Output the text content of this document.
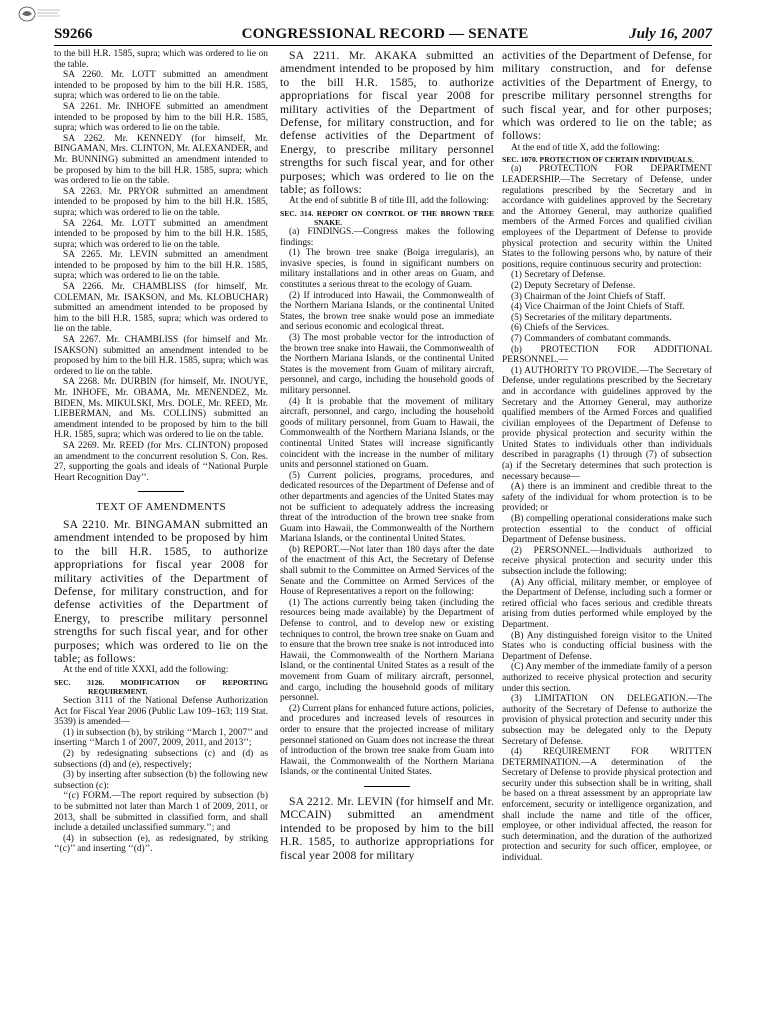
S9266	CONGRESSIONAL RECORD — SENATE	July 16, 2007

to the bill H.R. 1585, supra; which was ordered to lie on the table.

SA 2260. Mr. LOTT submitted an amendment intended to be proposed by him to the bill H.R. 1585, supra; which was ordered to lie on the table.

SA 2261. Mr. INHOFE submitted an amendment intended to be proposed by him to the bill H.R. 1585, supra; which was ordered to lie on the table.

SA 2262. Mr. KENNEDY (for himself, Mr. BINGAMAN, Mrs. CLINTON, Mr. ALEXANDER, and Mr. BUNNING) submitted an amendment intended to be proposed by him to the bill H.R. 1585, supra; which was ordered to lie on the table.

SA 2263. Mr. PRYOR submitted an amendment intended to be proposed by him to the bill H.R. 1585, supra; which was ordered to lie on the table.

SA 2264. Mr. LOTT submitted an amendment intended to be proposed by him to the bill H.R. 1585, supra; which was ordered to lie on the table.

SA 2265. Mr. LEVIN submitted an amendment intended to be proposed by him to the bill H.R. 1585, supra; which was ordered to lie on the table.

SA 2266. Mr. CHAMBLISS (for himself, Mr. COLEMAN, Mr. ISAKSON, and Ms. KLOBUCHAR) submitted an amendment intended to be proposed by him to the bill H.R. 1585, supra; which was ordered to lie on the table.

SA 2267. Mr. CHAMBLISS (for himself and Mr. ISAKSON) submitted an amendment intended to be proposed by him to the bill H.R. 1585, supra; which was ordered to lie on the table.

SA 2268. Mr. DURBIN (for himself, Mr. INOUYE, Mr. INHOFE, Mr. OBAMA, Mr. MENENDEZ, Mr. BIDEN, Ms. MIKULSKI, Mrs. DOLE, Mr. REED, Mr. LIEBERMAN, and Ms. COLLINS) submitted an amendment intended to be proposed by him to the bill H.R. 1585, supra; which was ordered to lie on the table.

SA 2269. Mr. REED (for Mrs. CLINTON) proposed an amendment to the concurrent resolution S. Con. Res. 27, supporting the goals and ideals of ‘‘National Purple Heart Recognition Day’’.

TEXT OF AMENDMENTS

SA 2210. Mr. BINGAMAN submitted an amendment intended to be proposed by him to the bill H.R. 1585, to authorize appropriations for fiscal year 2008 for military activities of the Department of Defense, for military construction, and for defense activities of the Department of Energy, to prescribe military personnel strengths for such fiscal year, and for other purposes; which was ordered to lie on the table; as follows:

At the end of title XXXI, add the following:

SEC. 3126. MODIFICATION OF REPORTING REQUIREMENT.

Section 3111 of the National Defense Authorization Act for Fiscal Year 2006 (Public Law 109–163; 119 Stat. 3539) is amended—

(1) in subsection (b), by striking ‘‘March 1, 2007’’ and inserting ‘‘March 1 of 2007, 2009, 2011, and 2013’’;

(2) by redesignating subsections (c) and (d) as subsections (d) and (e), respectively;

(3) by inserting after subsection (b) the following new subsection (c):

‘‘(c) FORM.—The report required by subsection (b) to be submitted not later than March 1 of 2009, 2011, or 2013, shall be submitted in classified form, and shall include a detailed unclassified summary.’’; and

(4) in subsection (e), as redesignated, by striking ‘‘(c)’’ and inserting ‘‘(d)’’.

SA 2211. Mr. AKAKA submitted an amendment intended to be proposed by him to the bill H.R. 1585, to authorize appropriations for fiscal year 2008 for military activities of the Department of Defense, for military construction, and for defense activities of the Department of Energy, to prescribe military personnel strengths for such fiscal year, and for other purposes; which was ordered to lie on the table; as follows:

At the end of subtitle B of title III, add the following:

SEC. 314. REPORT ON CONTROL OF THE BROWN TREE SNAKE.

(a) FINDINGS.—Congress makes the following findings:

(1) The brown tree snake (Boiga irregularis), an invasive species, is found in significant numbers on military installations and in other areas on Guam, and constitutes a serious threat to the ecology of Guam.

(2) If introduced into Hawaii, the Commonwealth of the Northern Mariana Islands, or the continental United States, the brown tree snake would pose an immediate and serious economic and ecological threat.

(3) The most probable vector for the introduction of the brown tree snake into Hawaii, the Commonwealth of the Northern Mariana Islands, or the continental United States is the movement from Guam of military aircraft, personnel, and cargo, including the household goods of military personnel.

(4) It is probable that the movement of military aircraft, personnel, and cargo, including the household goods of military personnel, from Guam to Hawaii, the Commonwealth of the Northern Mariana Islands, or the continental United States will increase significantly coincident with the increase in the number of military units and personnel stationed on Guam.

(5) Current policies, programs, procedures, and dedicated resources of the Department of Defense and of other departments and agencies of the United States may not be sufficient to adequately address the increasing threat of the introduction of the brown tree snake from Guam into Hawaii, the Commonwealth of the Northern Mariana Islands, or the continental United States.

(b) REPORT.—Not later than 180 days after the date of the enactment of this Act, the Secretary of Defense shall submit to the Committee on Armed Services of the Senate and the Committee on Armed Services of the House of Representatives a report on the following:

(1) The actions currently being taken (including the resources being made available) by the Department of Defense to control, and to develop new or existing techniques to control, the brown tree snake on Guam and to ensure that the brown tree snake is not introduced into Hawaii, the Commonwealth of the Northern Mariana Island, or the continental United States as a result of the movement from Guam of military aircraft, personnel, and cargo, including the household goods of military personnel.

(2) Current plans for enhanced future actions, policies, and procedures and increased levels of resources in order to ensure that the projected increase of military personnel stationed on Guam does not increase the threat of introduction of the brown tree snake from Guam into Hawaii, the Commonwealth of the Northern Mariana Islands, or the continental United States.

SA 2212. Mr. LEVIN (for himself and Mr. MCCAIN) submitted an amendment intended to be proposed by him to the bill H.R. 1585, to authorize appropriations for fiscal year 2008 for military

activities of the Department of Defense, for military construction, and for defense activities of the Department of Energy, to prescribe military personnel strengths for such fiscal year, and for other purposes; which was ordered to lie on the table; as follows:

At the end of title X, add the following:

SEC. 1070. PROTECTION OF CERTAIN INDIVIDUALS.

(a) PROTECTION FOR DEPARTMENT LEADERSHIP.—The Secretary of Defense, under regulations prescribed by the Secretary and in accordance with guidelines approved by the Secretary and the Attorney General, may authorize qualified members of the Armed Forces and qualified civilian employees of the Department of Defense to provide physical protection and security within the United States to the following persons who, by nature of their positions, require continuous security and protection:

(1) Secretary of Defense.

(2) Deputy Secretary of Defense.

(3) Chairman of the Joint Chiefs of Staff.

(4) Vice Chairman of the Joint Chiefs of Staff.

(5) Secretaries of the military departments.

(6) Chiefs of the Services.

(7) Commanders of combatant commands.

(b) PROTECTION FOR ADDITIONAL PERSONNEL.—

(1) AUTHORITY TO PROVIDE.—The Secretary of Defense, under regulations prescribed by the Secretary and in accordance with guidelines approved by the Secretary and the Attorney General, may authorize qualified members of the Armed Forces and qualified civilian employees of the Department of Defense to provide physical protection and security within the United States to individuals other than individuals described in paragraphs (1) through (7) of subsection (a) if the Secretary determines that such protection is necessary because—

(A) there is an imminent and credible threat to the safety of the individual for whom protection is to be provided; or

(B) compelling operational considerations make such protection essential to the conduct of official Department of Defense business.

(2) PERSONNEL.—Individuals authorized to receive physical protection and security under this subsection include the following:

(A) Any official, military member, or employee of the Department of Defense, including such a former or retired official who faces serious and credible threats arising from duties performed while employed by the Department.

(B) Any distinguished foreign visitor to the United States who is conducting official business with the Department of Defense.

(C) Any member of the immediate family of a person authorized to receive physical protection and security under this section.

(3) LIMITATION ON DELEGATION.—The authority of the Secretary of Defense to authorize the provision of physical protection and security under this subsection may be delegated only to the Deputy Secretary of Defense.

(4) REQUIREMENT FOR WRITTEN DETERMINATION.—A determination of the Secretary of Defense to provide physical protection and security under this subsection shall be in writing, shall be based on a threat assessment by an appropriate law enforcement, security or intelligence organization, and shall include the name and title of the officer, employee, or other individual affected, the reason for such determination, and the duration of the authorized protection and security for such officer, employee, or individual.
